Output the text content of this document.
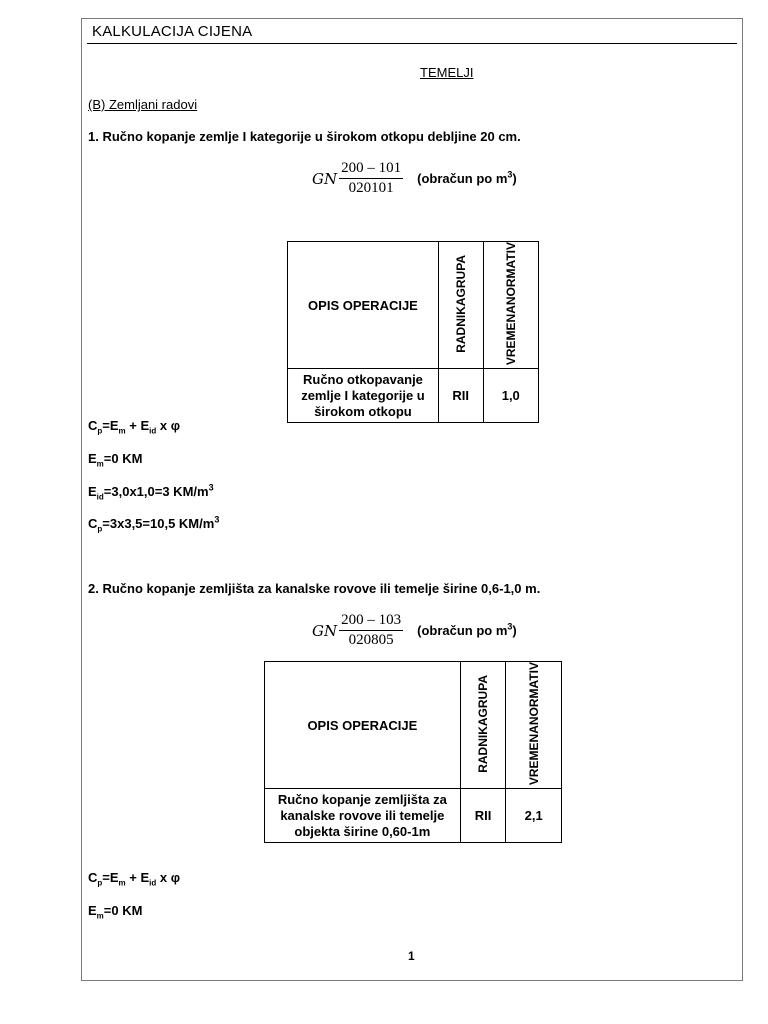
KALKULACIJA CIJENA
TEMELJI
(B) Zemljani radovi
1. Ručno kopanje zemlje I kategorije u širokom otkopu debljine 20 cm.
GN $\frac{200 - 101}{020101}$ (obračun po $m^3$)
OPIS OPERACIJE	RADNIKAGRUPA	VREMENANORMATIV
Ručno otkopavanje zemlje I kategorije u širokom otkopu	RII	1,0
$C_p=E_m + E_{id}$ x φ
$E_m=0$ KM
$E_{id}=3,0x1,0=3$ $KM/m^3$
$C_p=3x3,5=10,5$ $KM/m^3$
2. Ručno kopanje zemljišta za kanalske rovove ili temelje širine 0,6-1,0 m.
GN $\frac{200 - 103}{020805}$ (obračun po $m^3$)
OPIS OPERACIJE	RADNIKAGRUPA	VREMENANORMATIV
Ručno kopanje zemljišta za kanalske rovove ili temelje objekta širine 0,60-1m	RII	2,1
$C_p=E_m + E_{id}$ x φ
$E_m=0$ KM
1
